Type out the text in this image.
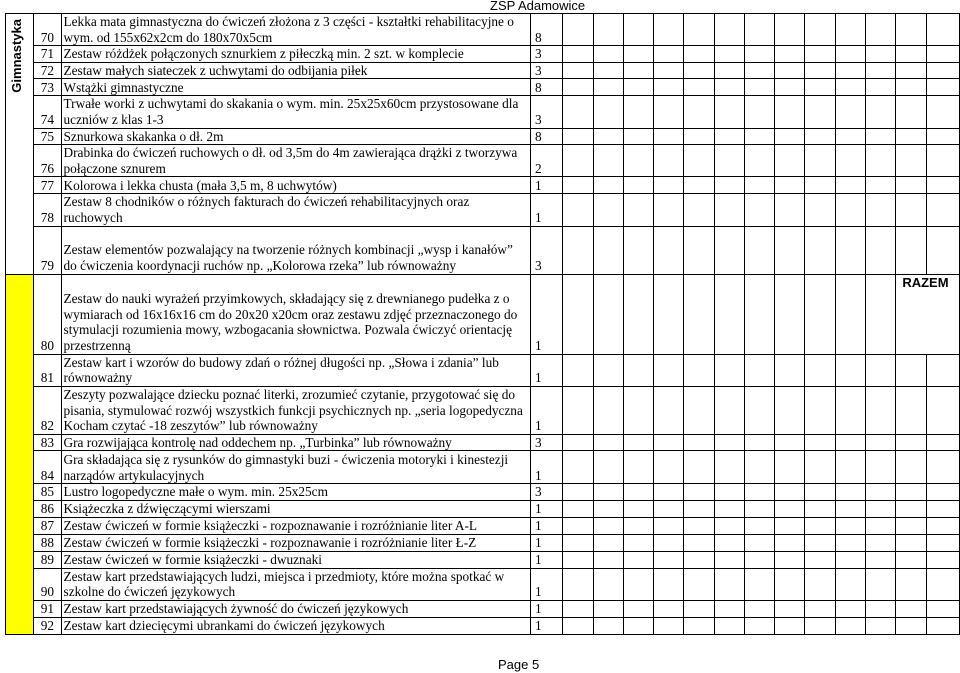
ZSP Adamowice
Gimnastyka	70	Lekka mata gimnastyczna do ćwiczeń złożona z 3 części - kształtki rehabilitacyjne o wym. od 155x62x2cm do 180x70x5cm	8													
	71	Zestaw różdżek połączonych sznurkiem z piłeczką min. 2 szt. w komplecie	3													
	72	Zestaw małych siateczek z uchwytami do odbijania piłek	3													
	73	Wstążki gimnastyczne	8													
	74	Trwałe worki z uchwytami do skakania o wym. min. 25x25x60cm przystosowane dla uczniów z klas 1-3	3													
	75	Sznurkowa skakanka o dł. 2m	8													
	76	Drabinka do ćwiczeń ruchowych o dł. od 3,5m do 4m zawierająca drążki z tworzywa połączone sznurem	2													
	77	Kolorowa i lekka chusta (mała 3,5 m, 8 uchwytów)	1													
	78	Zestaw 8 chodników o różnych fakturach do ćwiczeń rehabilitacyjnych oraz ruchowych	1													
	79	Zestaw elementów pozwalający na tworzenie różnych kombinacji „wysp i kanałów” do ćwiczenia koordynacji ruchów np. „Kolorowa rzeka” lub równoważny	3													
	80	Zestaw do nauki wyrażeń przyimkowych, składający się z drewnianego pudełka z o wymiarach od 16x16x16 cm do 20x20 x20cm oraz zestawu zdjęć przeznaczonego do stymulacji rozumienia mowy, wzbogacania słownictwa. Pozwala ćwiczyć orientację przestrzenną	1												RAZEM	
	81	Zestaw kart i wzorów do budowy zdań o różnej długości np. „Słowa i zdania” lub równoważny	1													
	82	Zeszyty pozwalające dziecku poznać literki, zrozumieć czytanie, przygotować się do pisania, stymulować rozwój wszystkich funkcji psychicznych np. „seria logopedyczna Kocham czytać -18 zeszytów” lub równoważny	1													
	83	Gra rozwijająca kontrolę nad oddechem np. „Turbinka” lub równoważny	3													
	84	Gra składająca się z rysunków do gimnastyki buzi - ćwiczenia motoryki i kinestezji narządów artykulacyjnych	1													
	85	Lustro logopedyczne małe o wym. min. 25x25cm	3													
	86	Książeczka z dźwięczącymi wierszami	1													
	87	Zestaw ćwiczeń w formie książeczki - rozpoznawanie i rozróżnianie liter A-L	1													
	88	Zestaw ćwiczeń w formie książeczki - rozpoznawanie i rozróżnianie liter Ł-Z	1													
	89	Zestaw ćwiczeń w formie książeczki - dwuznaki	1													
	90	Zestaw kart przedstawiających ludzi, miejsca i przedmioty, które można spotkać w szkolne do ćwiczeń językowych	1													
	91	Zestaw kart przedstawiających żywność do ćwiczeń językowych	1													
	92	Zestaw kart dziecięcymi ubrankami do ćwiczeń językowych	1													
Page 5
